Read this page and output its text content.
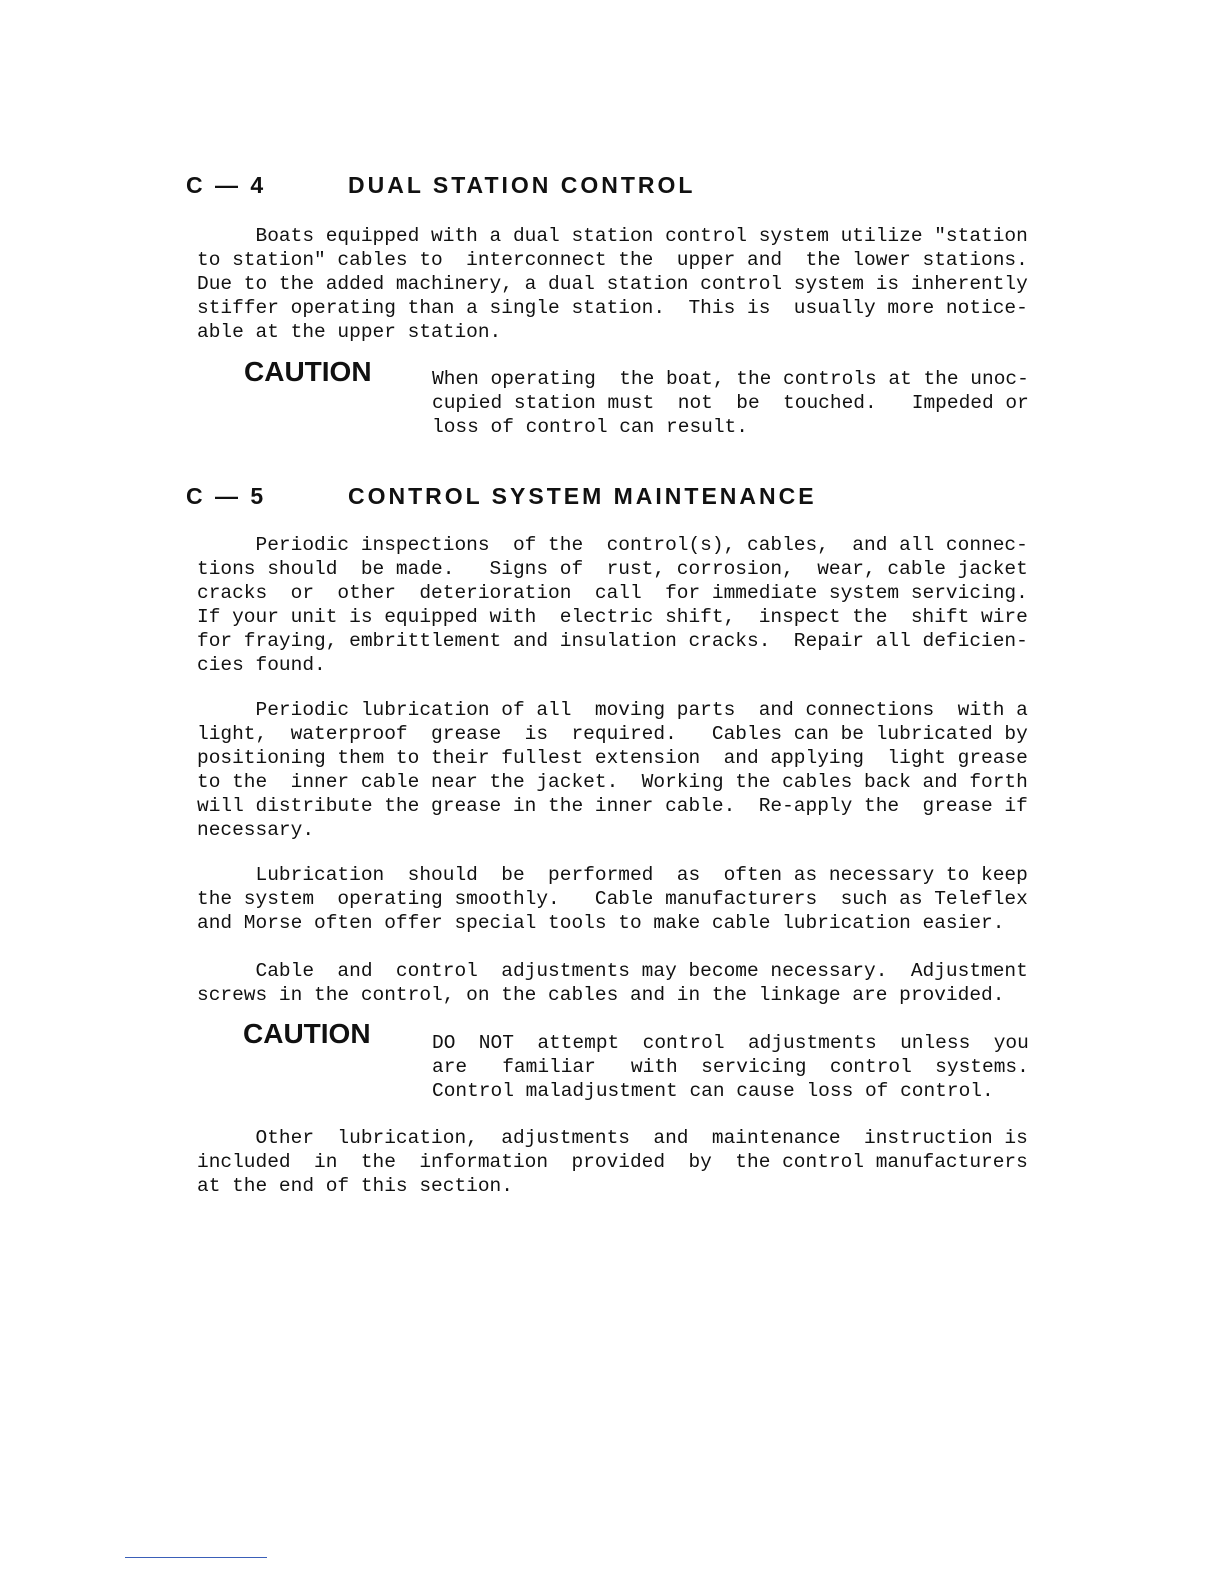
C — 4	DUAL STATION CONTROL

Boats equipped with a dual station control system utilize "station

to station" cables to  interconnect the  upper and  the lower stations.

Due to the added machinery, a dual station control system is inherently

stiffer operating than a single station.  This is  usually more notice-

able at the upper station.

CAUTION	When operating  the boat, the controls at the unoc-

cupied station must  not  be  touched.   Impeded or

loss of control can result.

C — 5	CONTROL SYSTEM MAINTENANCE

Periodic inspections  of the  control(s), cables,  and all connec-

tions should  be made.   Signs of  rust, corrosion,  wear, cable jacket

cracks  or  other  deterioration  call  for immediate system servicing.

If your unit is equipped with  electric shift,  inspect the  shift wire

for fraying, embrittlement and insulation cracks.  Repair all deficien-

cies found.

Periodic lubrication of all  moving parts  and connections  with a

light,  waterproof  grease  is  required.   Cables can be lubricated by

positioning them to their fullest extension  and applying  light grease

to the  inner cable near the jacket.  Working the cables back and forth

will distribute the grease in the inner cable.  Re-apply the  grease if

necessary.

Lubrication  should  be  performed  as  often as necessary to keep

the system  operating smoothly.   Cable manufacturers  such as Teleflex

and Morse often offer special tools to make cable lubrication easier.

Cable  and  control  adjustments may become necessary.  Adjustment

screws in the control, on the cables and in the linkage are provided.

CAUTION	DO  NOT  attempt  control  adjustments  unless  you

are   familiar   with  servicing  control  systems.

Control maladjustment can cause loss of control.

Other  lubrication,  adjustments  and  maintenance  instruction is

included  in  the  information  provided  by  the control manufacturers

at the end of this section.
